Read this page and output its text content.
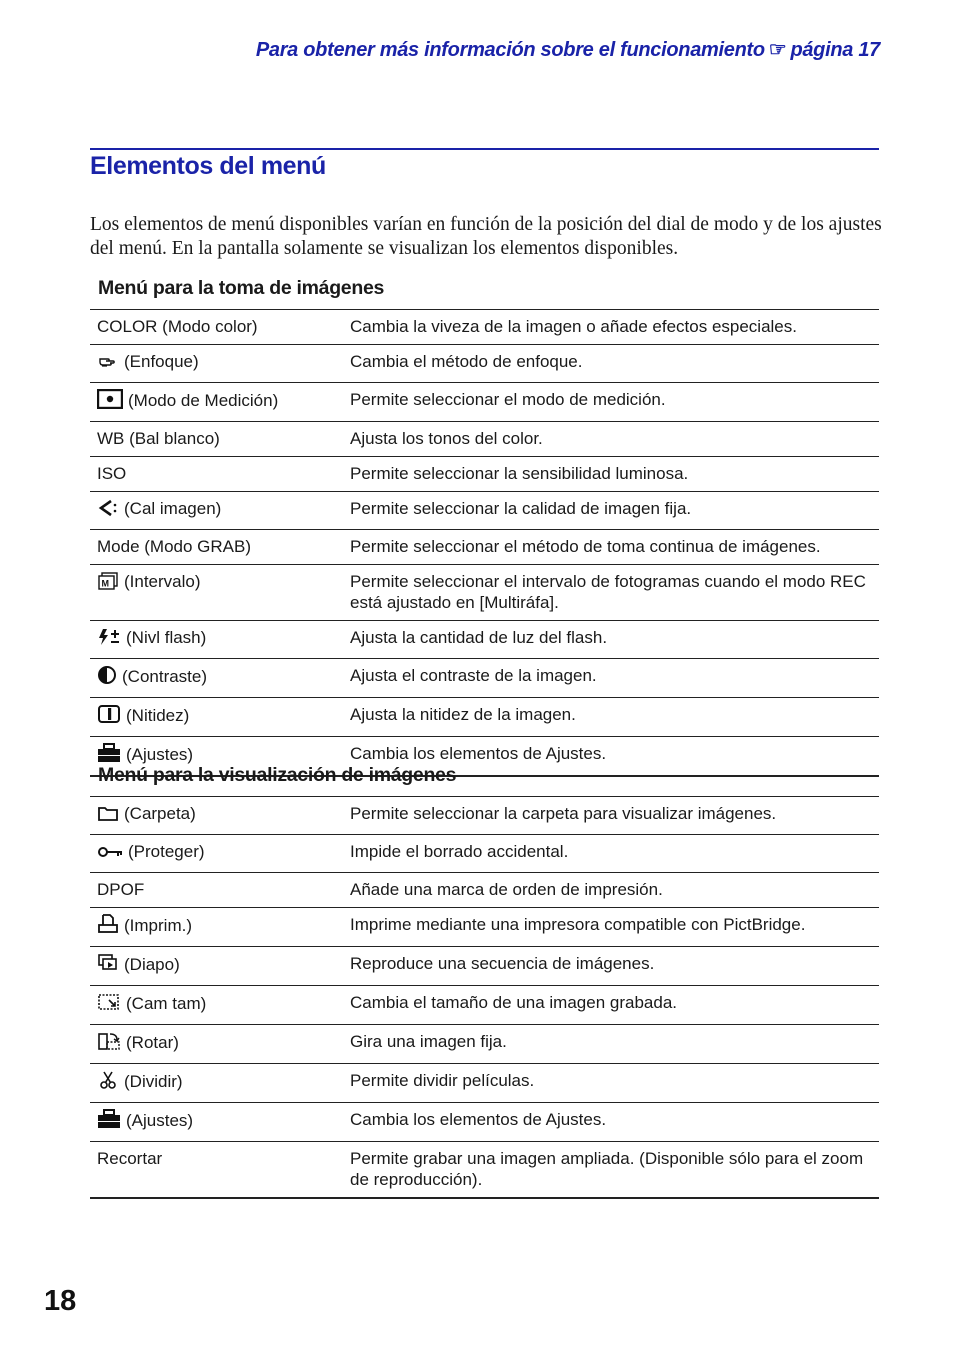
Para obtener más información sobre el funcionamiento ☞ página 17
Elementos del menú
Los elementos de menú disponibles varían en función de la posición del dial de modo y de los ajustes del menú. En la pantalla solamente se visualizan los elementos disponibles.
Menú para la toma de imágenes
COLOR (Modo color)	Cambia la viveza de la imagen o añade efectos especiales.
(Enfoque)	Cambia el método de enfoque.
(Modo de Medición)	Permite seleccionar el modo de medición.
WB (Bal blanco)	Ajusta los tonos del color.
ISO	Permite seleccionar la sensibilidad luminosa.
(Cal imagen)	Permite seleccionar la calidad de imagen fija.
Mode (Modo GRAB)	Permite seleccionar el método de toma continua de imágenes.

M (Intervalo)	Permite seleccionar el intervalo de fotogramas cuando el modo REC está ajustado en [Multiráfa].
(Nivl flash)	Ajusta la cantidad de luz del flash.
(Contraste)	Ajusta el contraste de la imagen.
(Nitidez)	Ajusta la nitidez de la imagen.
(Ajustes)	Cambia los elementos de Ajustes.
Menú para la visualización de imágenes
(Carpeta)	Permite seleccionar la carpeta para visualizar imágenes.
(Proteger)	Impide el borrado accidental.
DPOF	Añade una marca de orden de impresión.
(Imprim.)	Imprime mediante una impresora compatible con PictBridge.
(Diapo)	Reproduce una secuencia de imágenes.
(Cam tam)	Cambia el tamaño de una imagen grabada.
(Rotar)	Gira una imagen fija.
(Dividir)	Permite dividir películas.
(Ajustes)	Cambia los elementos de Ajustes.
Recortar	Permite grabar una imagen ampliada. (Disponible sólo para el zoom de reproducción).
18
